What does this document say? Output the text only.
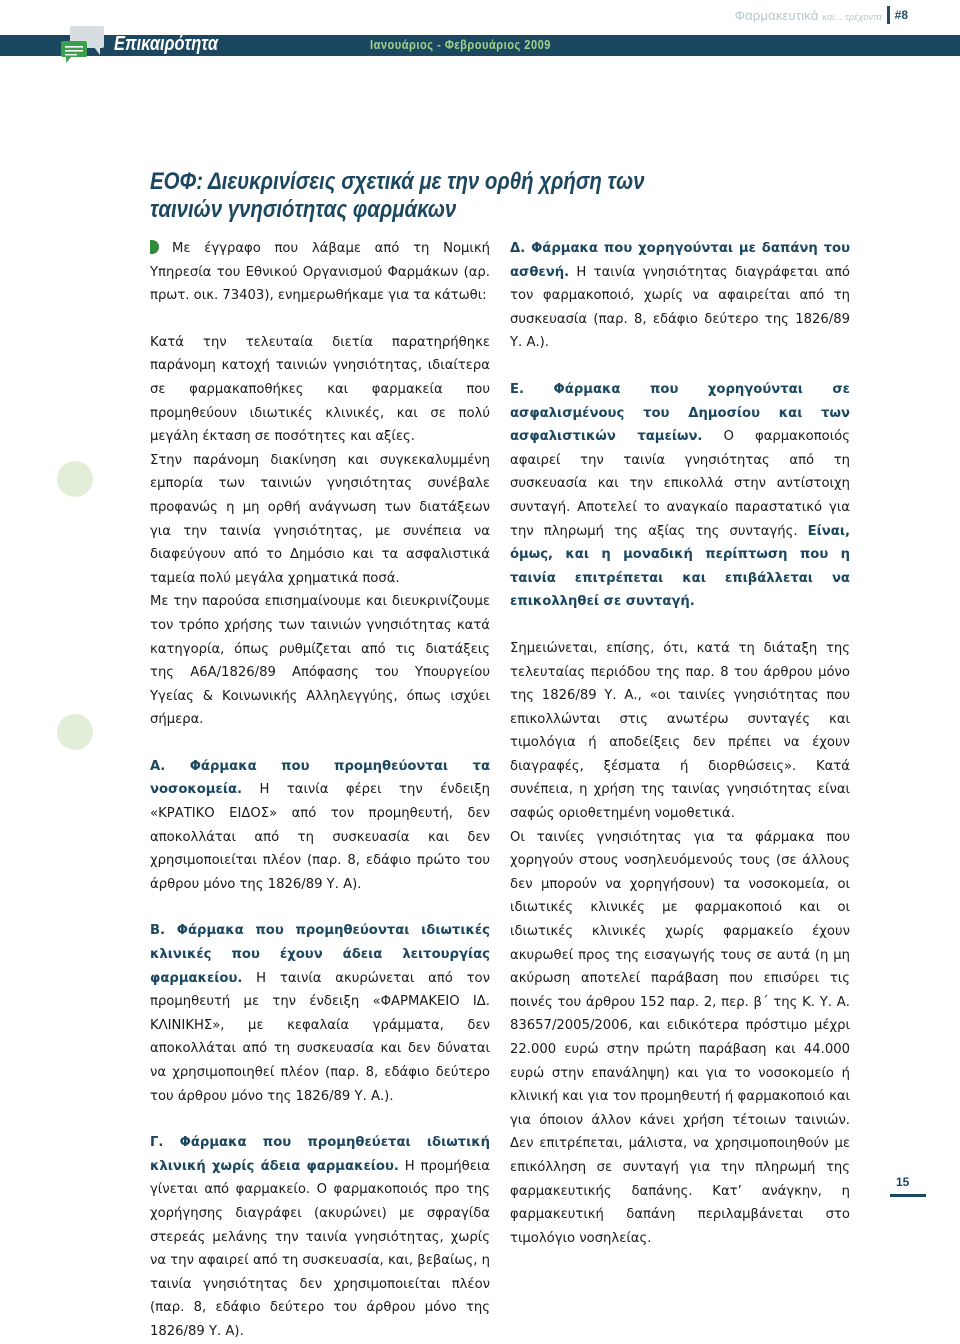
Φαρμακευτικά και... τρέχοντα #8
Επικαιρότητα	Ιανουάριος - Φεβρουάριος 2009
ΕΟΦ: Διευκρινίσεις σχετικά με την ορθή χρήση των ταινιών γνησιότητας φαρμάκων

Με έγγραφο που λάβαμε από τη Νομική Υπηρεσία του Εθνικού Οργανισμού Φαρμάκων (αρ. πρωτ. οικ. 73403), ενημερωθήκαμε για τα κάτωθι:

Κατά την τελευταία διετία παρατηρήθηκε παράνομη κατοχή ταινιών γνησιότητας, ιδιαίτερα σε φαρμακαποθήκες και φαρμακεία που προμηθεύουν ιδιωτικές κλινικές, και σε πολύ μεγάλη έκταση σε ποσότητες και αξίες.

Στην παράνομη διακίνηση και συγκεκαλυμμένη εμπορία των ταινιών γνησιότητας συνέβαλε προφανώς η μη ορθή ανάγνωση των διατάξεων για την ταινία γνησιότητας, με συνέπεια να διαφεύγουν από το Δημόσιο και τα ασφαλιστικά ταμεία πολύ μεγάλα χρηματικά ποσά.

Με την παρούσα επισημαίνουμε και διευκρινίζουμε τον τρόπο χρήσης των ταινιών γνησιότητας κατά κατηγορία, όπως ρυθμίζεται από τις διατάξεις της Α6Α/1826/89 Απόφασης του Υπουργείου Υγείας & Κοινωνικής Αλληλεγγύης, όπως ισχύει σήμερα.

Α. Φάρμακα που προμηθεύονται τα νοσοκομεία. Η ταινία φέρει την ένδειξη «ΚΡΑΤΙΚΟ ΕΙΔΟΣ» από τον προμηθευτή, δεν αποκολλάται από τη συσκευασία και δεν χρησιμοποιείται πλέον (παρ. 8, εδάφιο πρώτο του άρθρου μόνο της 1826/89 Υ. Α).

Β. Φάρμακα που προμηθεύονται ιδιωτικές κλινικές που έχουν άδεια λειτουργίας φαρμακείου. Η ταινία ακυρώνεται από τον προμηθευτή με την ένδειξη «ΦΑΡΜΑΚΕΙΟ ΙΔ. ΚΛΙΝΙΚΗΣ», με κεφαλαία γράμματα, δεν αποκολλάται από τη συσκευασία και δεν δύναται να χρησιμοποιηθεί πλέον (παρ. 8, εδάφιο δεύτερο του άρθρου μόνο της 1826/89 Υ. Α.).

Γ. Φάρμακα που προμηθεύεται ιδιωτική κλινική χωρίς άδεια φαρμακείου. Η προμήθεια γίνεται από φαρμακείο. Ο φαρμακοποιός προ της χορήγησης διαγράφει (ακυρώνει) με σφραγίδα στερεάς μελάνης την ταινία γνησιότητας, χωρίς να την αφαιρεί από τη συσκευασία, και, βεβαίως, η ταινία γνησιότητας δεν χρησιμοποιείται πλέον (παρ. 8, εδάφιο δεύτερο του άρθρου μόνο της 1826/89 Υ. Α).

Δ. Φάρμακα που χορηγούνται με δαπάνη του ασθενή. Η ταινία γνησιότητας διαγράφεται από τον φαρμακοποιό, χωρίς να αφαιρείται από τη συσκευασία (παρ. 8, εδάφιο δεύτερο της 1826/89 Υ. Α.).

Ε. Φάρμακα που χορηγούνται σε ασφαλισμένους του Δημοσίου και των ασφαλιστικών ταμείων. Ο φαρμακοποιός αφαιρεί την ταινία γνησιότητας από τη συσκευασία και την επικολλά στην αντίστοιχη συνταγή. Αποτελεί το αναγκαίο παραστατικό για την πληρωμή της αξίας της συνταγής. Είναι, όμως, και η μοναδική περίπτωση που η ταινία επιτρέπεται και επιβάλλεται να επικολληθεί σε συνταγή.

Σημειώνεται, επίσης, ότι, κατά τη διάταξη της τελευταίας περιόδου της παρ. 8 του άρθρου μόνο της 1826/89 Υ. Α., «οι ταινίες γνησιότητας που επικολλώνται στις ανωτέρω συνταγές και τιμολόγια ή αποδείξεις δεν πρέπει να έχουν διαγραφές, ξέσματα ή διορθώσεις». Κατά συνέπεια, η χρήση της ταινίας γνησιότητας είναι σαφώς οριοθετημένη νομοθετικά.

Οι ταινίες γνησιότητας για τα φάρμακα που χορηγούν στους νοσηλευόμενούς τους (σε άλλους δεν μπορούν να χορηγήσουν) τα νοσοκομεία, οι ιδιωτικές κλινικές με φαρμακοποιό και οι ιδιωτικές κλινικές χωρίς φαρμακείο έχουν ακυρωθεί προς της εισαγωγής τους σε αυτά (η μη ακύρωση αποτελεί παράβαση που επισύρει τις ποινές του άρθρου 152 παρ. 2, περ. β΄ της Κ. Υ. Α. 83657/2005/2006, και ειδικότερα πρόστιμο μέχρι 22.000 ευρώ στην πρώτη παράβαση και 44.000 ευρώ στην επανάληψη) και για το νοσοκομείο ή κλινική και για τον προμηθευτή ή φαρμακοποιό και για όποιον άλλον κάνει χρήση τέτοιων ταινιών. Δεν επιτρέπεται, μάλιστα, να χρησιμοποιηθούν με επικόλληση σε συνταγή για την πληρωμή της φαρμακευτικής δαπάνης. Κατ’ ανάγκην, η φαρμακευτική δαπάνη περιλαμβάνεται στο τιμολόγιο νοσηλείας.

15
